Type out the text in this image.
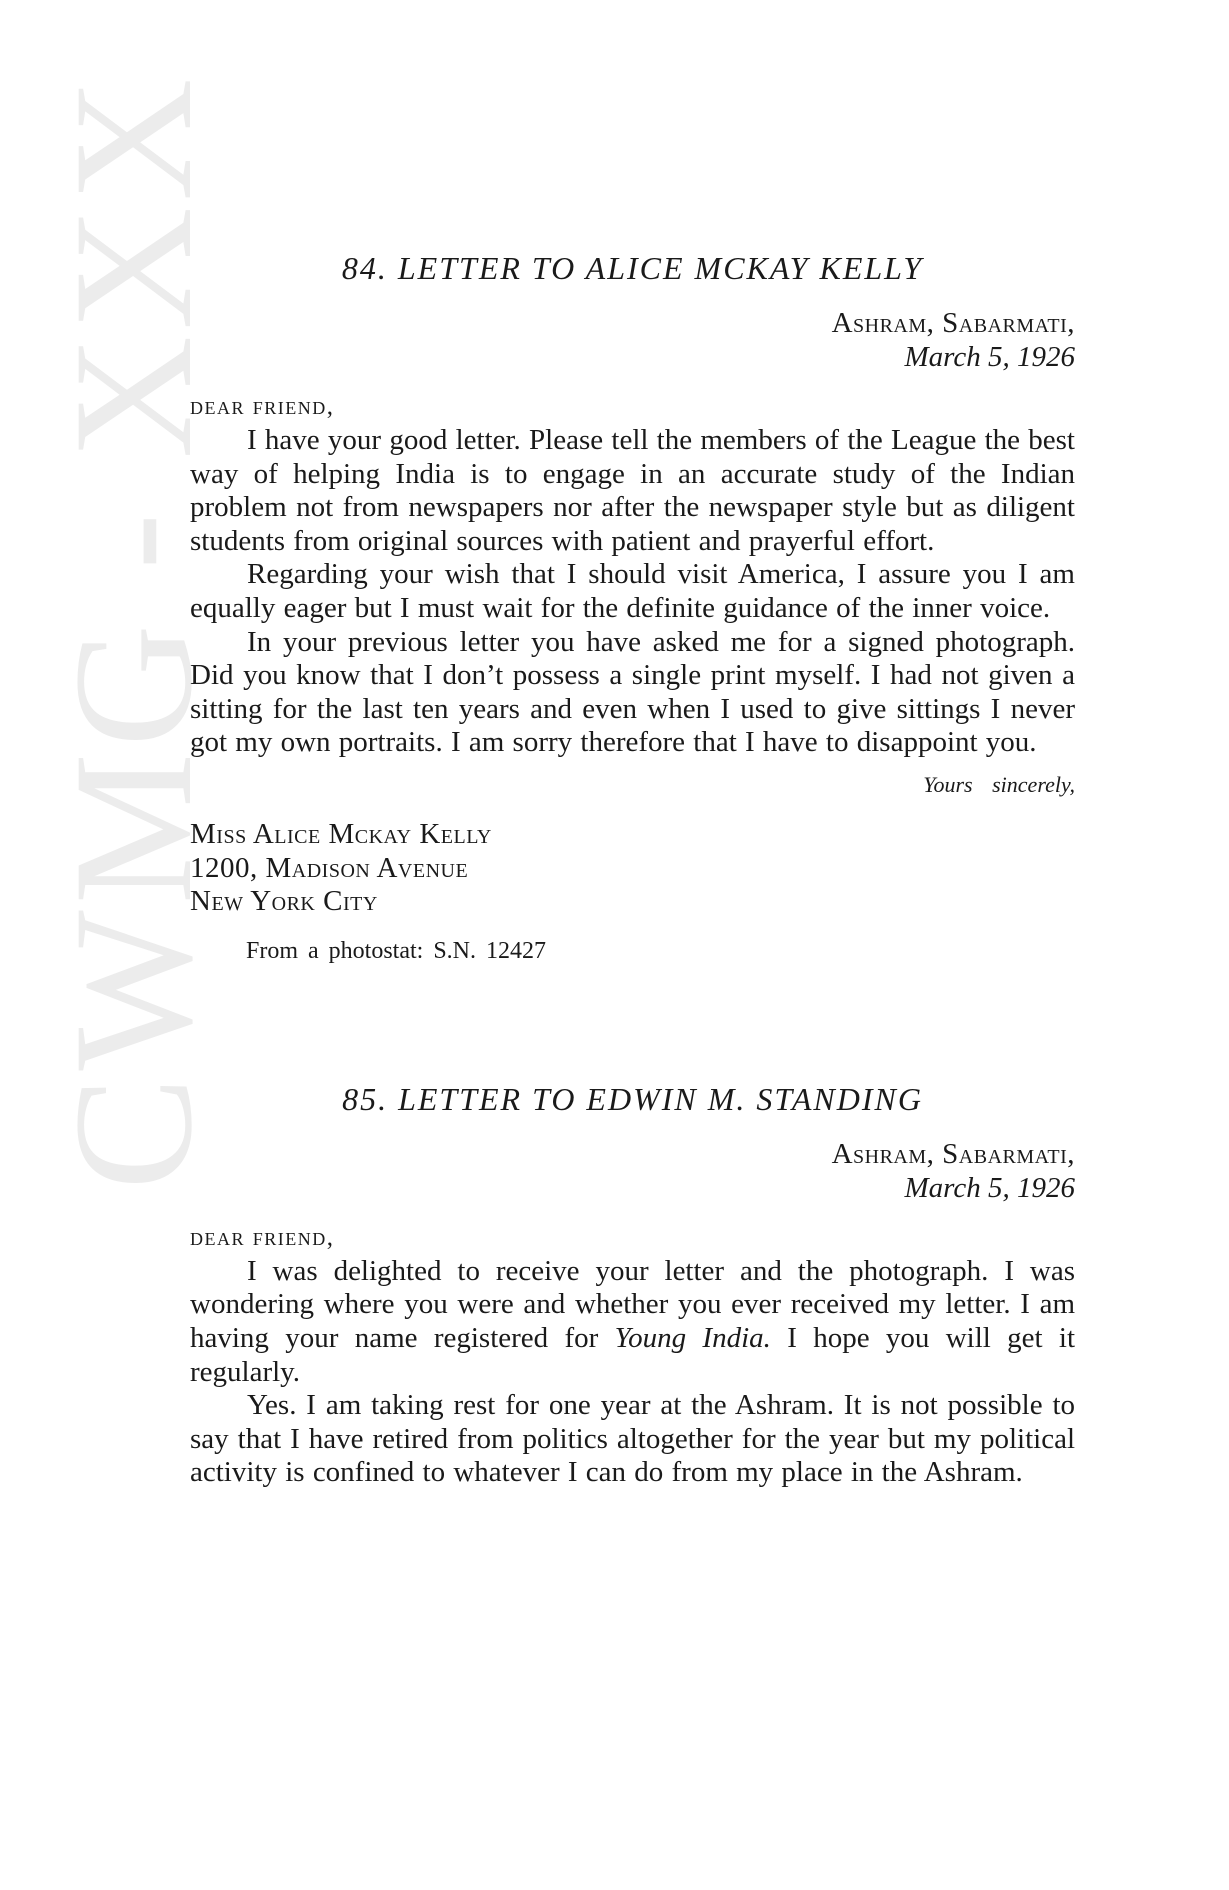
CWMG - XXX	84. LETTER TO ALICE MCKAY KELLY
Ashram, Sabarmati,
March 5, 1926
dear friend,

I have your good letter. Please tell the members of the League the best way of helping India is to engage in an accurate study of the Indian problem not from newspapers nor after the newspaper style but as diligent students from original sources with patient and prayerful effort.

Regarding your wish that I should visit America, I assure you I am equally eager but I must wait for the definite guidance of the inner voice.

In your previous letter you have asked me for a signed photograph. Did you know that I don’t possess a single print myself. I had not given a sitting for the last ten years and even when I used to give sittings I never got my own portraits. I am sorry therefore that I have to disappoint you.

Yours sincerely,
Miss Alice Mckay Kelly
1200, Madison Avenue
New York City
From a photostat: S.N. 12427
85. LETTER TO EDWIN M. STANDING
Ashram, Sabarmati,
March 5, 1926
dear friend,

I was delighted to receive your letter and the photograph. I was wondering where you were and whether you ever received my letter. I am having your name registered for Young India. I hope you will get it regularly.

Yes. I am taking rest for one year at the Ashram. It is not possible to say that I have retired from politics altogether for the year but my political activity is confined to whatever I can do from my place in the Ashram.
